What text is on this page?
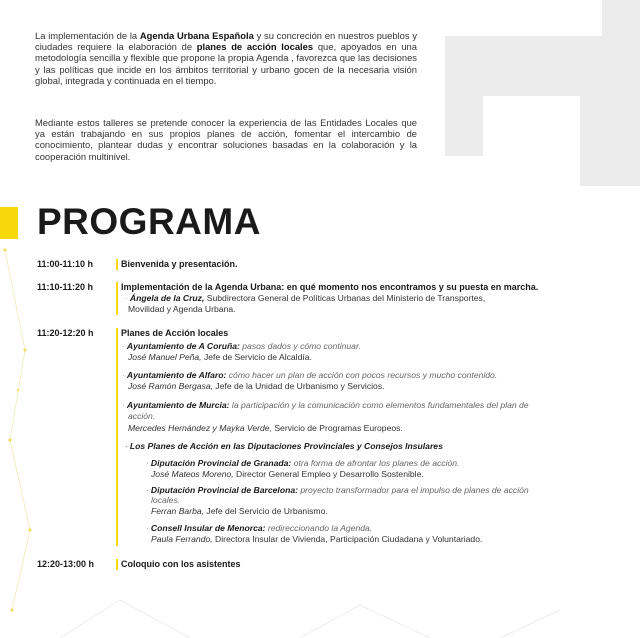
La implementación de la Agenda Urbana Española y su concreción en nuestros pueblos y ciudades requiere la elaboración de planes de acción locales que, apoyados en una metodología sencilla y flexible que propone la propia Agenda , favorezca que las decisiones y las políticas que incide en los ámbitos territorial y urbano gocen de la necesaria visión global, integrada y continuada en el tiempo.

Mediante estos talleres se pretende conocer la experiencia de las Entidades Locales que ya están trabajando en sus propios planes de acción, fomentar el intercambio de conocimiento, plantear dudas y encontrar soluciones basadas en la colaboración y la cooperación multinivel.

PROGRAMA
11:00-11:10 h	Bienvenida y presentación.
11:10-11:20 h	Implementación de la Agenda Urbana: en qué momento nos encontramos y su puesta en marcha.
· Ángela de la Cruz, Subdirectora General de Políticas Urbanas del Ministerio de Transportes,
Movilidad y Agenda Urbana.
11:20-12:20 h	Planes de Acción locales
· Ayuntamiento de A Coruña: pasos dados y cómo continuar.
José Manuel Peña, Jefe de Servicio de Alcaldía.
· Ayuntamiento de Alfaro: cómo hacer un plan de acción con pocos recursos y mucho contenido.
José Ramón Bergasa, Jefe de la Unidad de Urbanismo y Servicios.
· Ayuntamiento de Murcia: la participación y la comunicación como elementos fundamentales del plan de
acción.
Mercedes Hernández y Mayka Verde, Servicio de Programas Europeos.
· Los Planes de Acción en las Diputaciones Provinciales y Consejos Insulares
· Diputación Provincial de Granada: otra forma de afrontar los planes de acción.
José Mateos Moreno, Director General Empleo y Desarrollo Sostenible.
· Diputación Provincial de Barcelona: proyecto transformador para el impulso de planes de acción
locales.
Ferran Barba, Jefe del Servicio de Urbanismo.
· Consell Insular de Menorca: redireccionando la Agenda.
Paula Ferrando, Directora Insular de Vivienda, Participación Ciudadana y Voluntariado.
12:20-13:00 h	Coloquio con los asistentes
